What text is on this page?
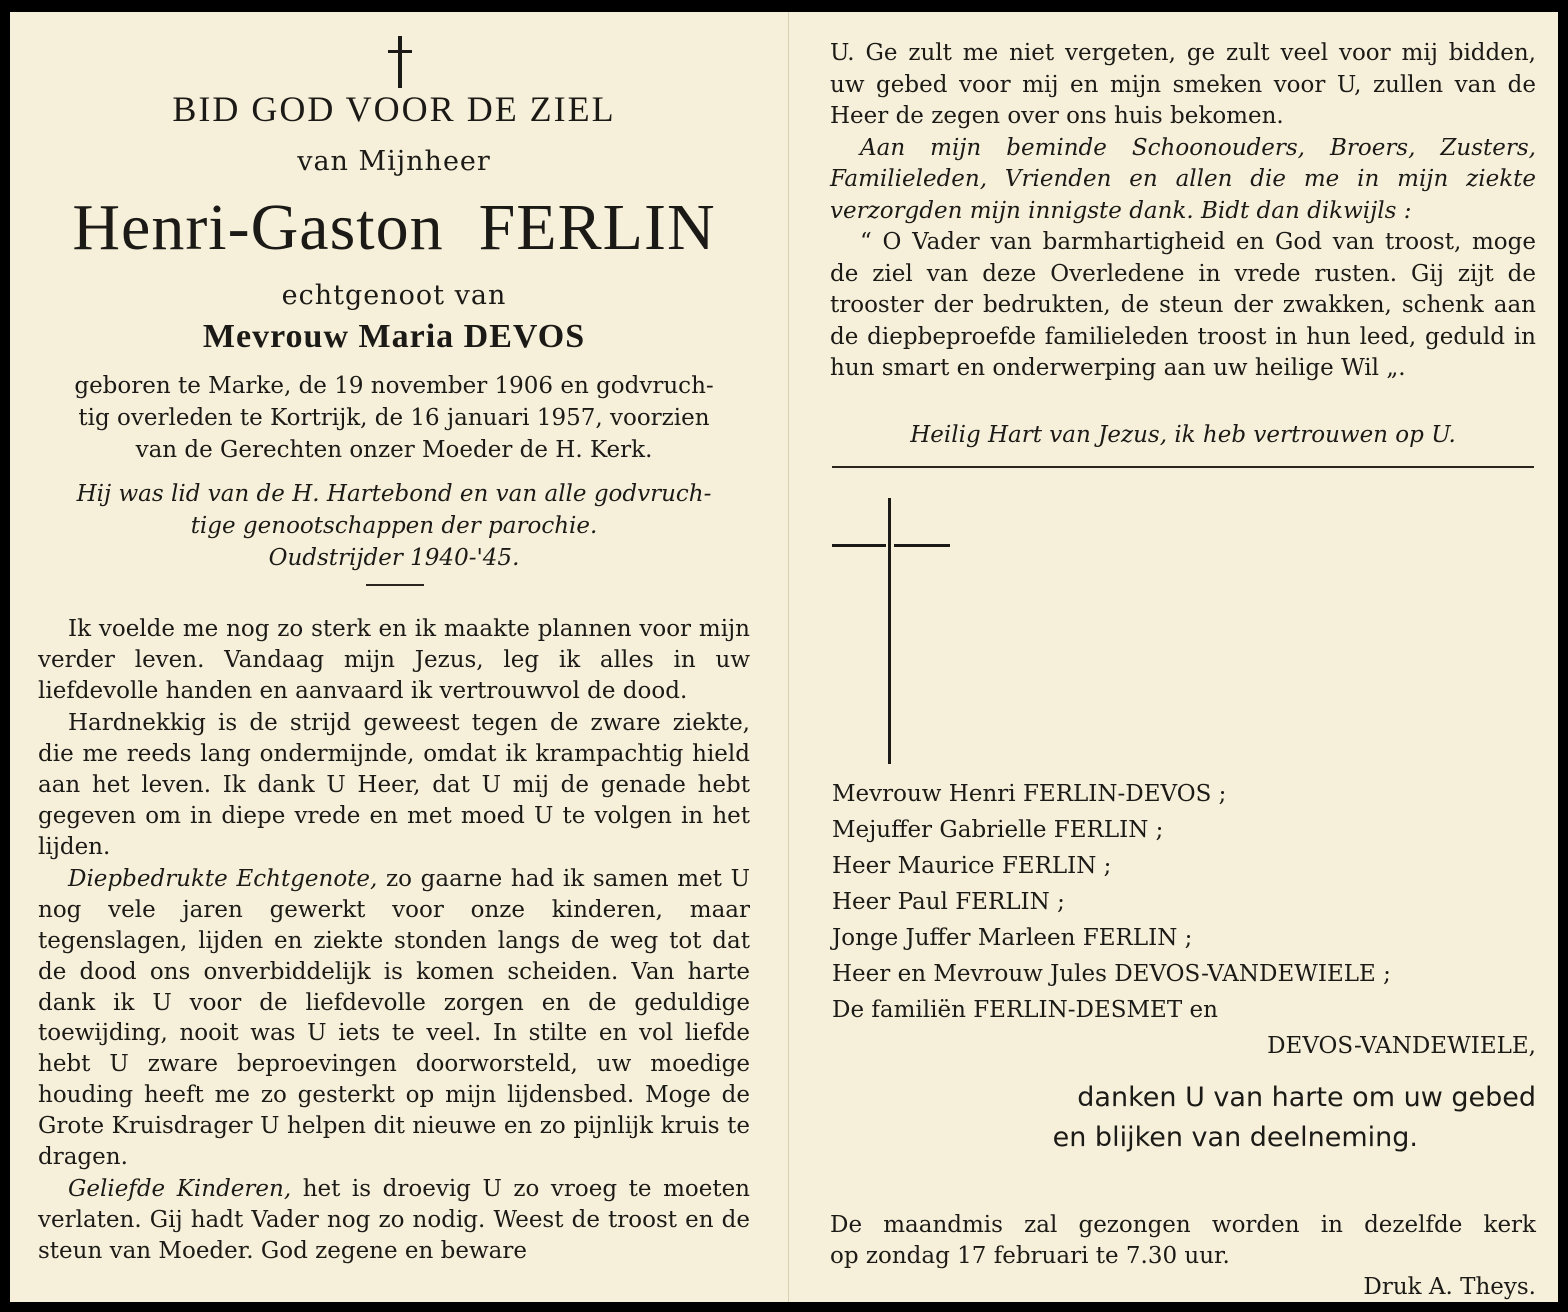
BID GOD VOOR DE ZIEL
van Mijnheer
Henri-Gaston  FERLIN
echtgenoot van
Mevrouw Maria DEVOS
geboren te Marke, de 19 november 1906 en godvruch-
tig overleden te Kortrijk, de 16 januari 1957, voorzien
van de Gerechten onzer Moeder de H. Kerk.
Hij was lid van de H. Hartebond en van alle godvruch-
tige genootschappen der parochie.
Oudstrijder 1940-'45.

Ik voelde me nog zo sterk en ik maakte plannen voor mijn verder leven. Vandaag mijn Jezus, leg ik alles in uw liefdevolle handen en aanvaard ik vertrouwvol de dood.

Hardnekkig is de strijd geweest tegen de zware ziekte, die me reeds lang ondermijnde, omdat ik krampachtig hield aan het leven. Ik dank U Heer, dat U mij de genade hebt gegeven om in diepe vrede en met moed U te volgen in het lijden.

Diepbedrukte Echtgenote, zo gaarne had ik samen met U nog vele jaren gewerkt voor onze kinderen, maar tegenslagen, lijden en ziekte stonden langs de weg tot dat de dood ons onverbiddelijk is komen scheiden. Van harte dank ik U voor de liefdevolle zorgen en de geduldige toewijding, nooit was U iets te veel. In stilte en vol liefde hebt U zware beproevingen doorworsteld, uw moedige houding heeft me zo gesterkt op mijn lijdensbed. Moge de Grote Kruisdrager U helpen dit nieuwe en zo pijnlijk kruis te dragen.

Geliefde Kinderen, het is droevig U zo vroeg te moeten verlaten. Gij hadt Vader nog zo nodig. Weest de troost en de steun van Moeder. God zegene en beware

U. Ge zult me niet vergeten, ge zult veel voor mij bidden, uw gebed voor mij en mijn smeken voor U, zullen van de Heer de zegen over ons huis bekomen.

Aan mijn beminde Schoonouders, Broers, Zusters, Familieleden, Vrienden en allen die me in mijn ziekte verzorgden mijn innigste dank. Bidt dan dikwijls :

“ O Vader van barmhartigheid en God van troost, moge de ziel van deze Overledene in vrede rusten. Gij zijt de trooster der bedrukten, de steun der zwakken, schenk aan de diepbeproefde familieleden troost in hun leed, geduld in hun smart en onderwerping aan uw heilige Wil „.

Heilig Hart van Jezus, ik heb vertrouwen op U.
Mevrouw Henri FERLIN-DEVOS ;
Mejuffer Gabrielle FERLIN ;
Heer Maurice FERLIN ;
Heer Paul FERLIN ;
Jonge Juffer Marleen FERLIN ;
Heer en Mevrouw Jules DEVOS-VANDEWIELE ;
De familiën FERLIN-DESMET en
DEVOS-VANDEWIELE,
danken U van harte om uw gebed
en blijken van deelneming.
De maandmis zal gezongen worden in dezelfde kerk
op zondag 17 februari te 7.30 uur.
Druk A. Theys.
